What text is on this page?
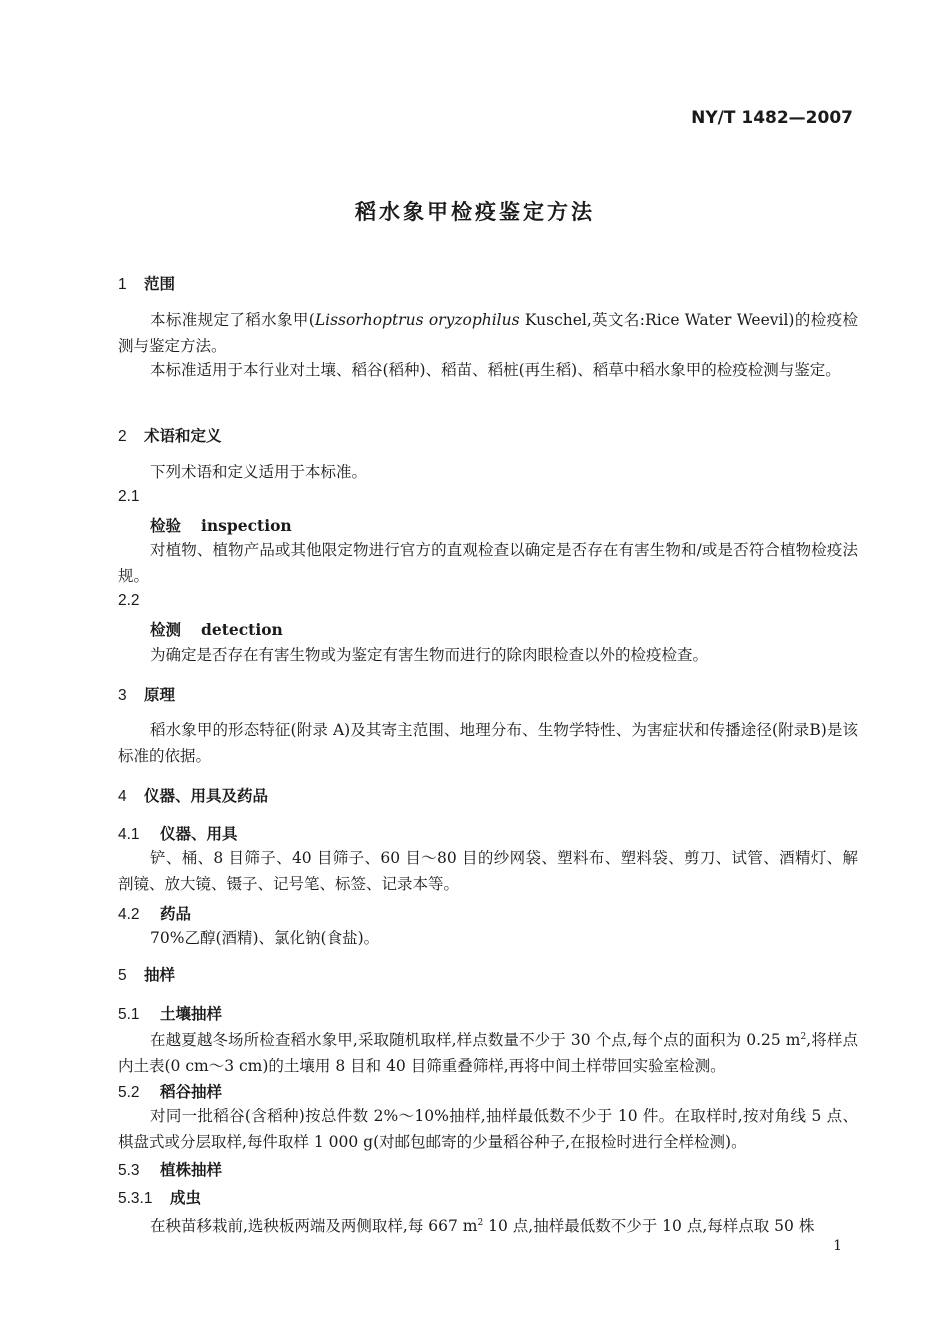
NY/T 1482—2007
稻水象甲检疫鉴定方法
1 范围
本标准规定了稻水象甲(Lissorhoptrus oryzophilus Kuschel,英文名:Rice Water Weevil)的检疫检测与鉴定方法。
本标准适用于本行业对土壤、稻谷(稻种)、稻苗、稻桩(再生稻)、稻草中稻水象甲的检疫检测与鉴定。
2 术语和定义
下列术语和定义适用于本标准。
2.1
检验 inspection
对植物、植物产品或其他限定物进行官方的直观检查以确定是否存在有害生物和/或是否符合植物检疫法规。
2.2
检测 detection
为确定是否存在有害生物或为鉴定有害生物而进行的除肉眼检查以外的检疫检查。
3 原理
稻水象甲的形态特征(附录 A)及其寄主范围、地理分布、生物学特性、为害症状和传播途径(附录B)是该标准的依据。
4 仪器、用具及药品
4.1 仪器、用具
铲、桶、8 目筛子、40 目筛子、60 目～80 目的纱网袋、塑料布、塑料袋、剪刀、试管、酒精灯、解剖镜、放大镜、镊子、记号笔、标签、记录本等。
4.2 药品
70%乙醇(酒精)、氯化钠(食盐)。
5 抽样
5.1 土壤抽样
在越夏越冬场所检查稻水象甲,采取随机取样,样点数量不少于 30 个点,每个点的面积为 0.25 $m^2$,将样点内土表(0 cm～3 cm)的土壤用 8 目和 40 目筛重叠筛样,再将中间土样带回实验室检测。
5.2 稻谷抽样
对同一批稻谷(含稻种)按总件数 2%～10%抽样,抽样最低数不少于 10 件。在取样时,按对角线 5 点、棋盘式或分层取样,每件取样 1 000 g(对邮包邮寄的少量稻谷种子,在报检时进行全样检测)。
5.3 植株抽样
5.3.1 成虫
在秧苗移栽前,选秧板两端及两侧取样,每 667 $m^2$ 10 点,抽样最低数不少于 10 点,每样点取 50 株
1
